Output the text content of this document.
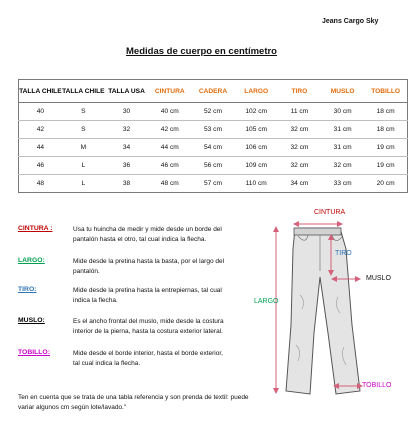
Jeans Cargo Sky
Medidas de cuerpo en centímetro
TALLA CHILE	TALLA CHILE	TALLA USA	CINTURA	CADERA	LARGO	TIRO	MUSLO	TOBILLO
40	S	30	40 cm	52 cm	102 cm	11 cm	30 cm	18 cm
42	S	32	42 cm	53 cm	105 cm	32 cm	31 cm	18 cm
44	M	34	44 cm	54 cm	106 cm	32 cm	31 cm	19 cm
46	L	36	46 cm	56 cm	109 cm	32 cm	32 cm	19 cm
48	L	38	48 cm	57 cm	110 cm	34 cm	33 cm	20 cm
CINTURA :	Usa tu huincha de medir y mide desde un borde del pantalón hasta el otro, tal cual indica la flecha.
LARGO:	Mide desde la pretina hasta la basta, por el largo del pantalón.
TIRO:	Mide desde la pretina hasta la entrepiernas, tal cual indica la flecha.
MUSLO:	Es el ancho frontal del muslo, mide desde la costura interior de la pierna, hasta la costura exterior lateral.
TOBILLO:	Mide desde el borde interior, hasta el borde exterior, tal cual indica la flecha.
Ten en cuenta que se trata de una tabla referencia y son prenda de textil: puede variar algunos cm según lote/lavado."
CINTURA
TIRO
MUSLO
LARGO
TOBILLO
